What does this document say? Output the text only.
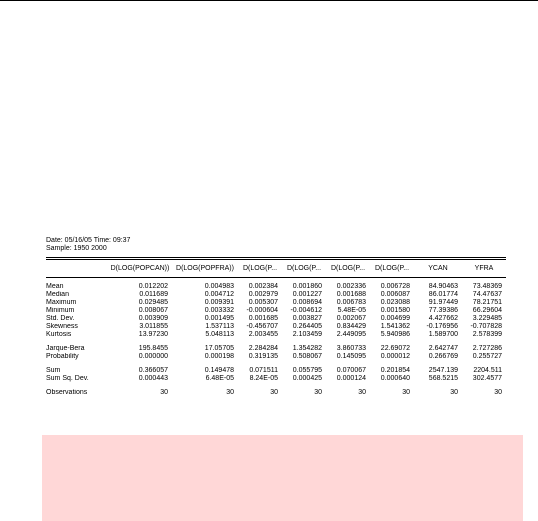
Date: 05/16/05 Time: 09:37
Sample: 1950 2000
	D(LOG(POPCAN))	D(LOG(POPFRA))	D(LOG(P...	D(LOG(P...	D(LOG(P...	D(LOG(P...	YCAN	YFRA

Mean	0.012202	0.004983	0.002384	0.001860	0.002336	0.006728	84.90463	73.48369
Median	0.011689	0.004712	0.002979	0.001227	0.001688	0.006087	86.01774	74.47637
Maximum	0.029485	0.009391	0.005307	0.008694	0.006783	0.023088	91.97449	78.21751
Minimum	0.008067	0.003332	-0.000604	-0.004612	5.48E-05	0.001580	77.39386	66.29604
Std. Dev.	0.003909	0.001495	0.001685	0.003827	0.002067	0.004699	4.427662	3.229485
Skewness	3.011855	1.537113	-0.456707	0.264405	0.834429	1.541362	-0.176956	-0.707828
Kurtosis	13.97230	5.048113	2.003455	2.103459	2.449095	5.940986	1.589700	2.578399

Jarque-Bera	195.8455	17.05705	2.284284	1.354282	3.860733	22.69072	2.642747	2.727286
Probability	0.000000	0.000198	0.319135	0.508067	0.145095	0.000012	0.266769	0.255727

Sum	0.366057	0.149478	0.071511	0.055795	0.070067	0.201854	2547.139	2204.511
Sum Sq. Dev.	0.000443	6.48E-05	8.24E-05	0.000425	0.000124	0.000640	568.5215	302.4577

Observations	30	30	30	30	30	30	30	30
